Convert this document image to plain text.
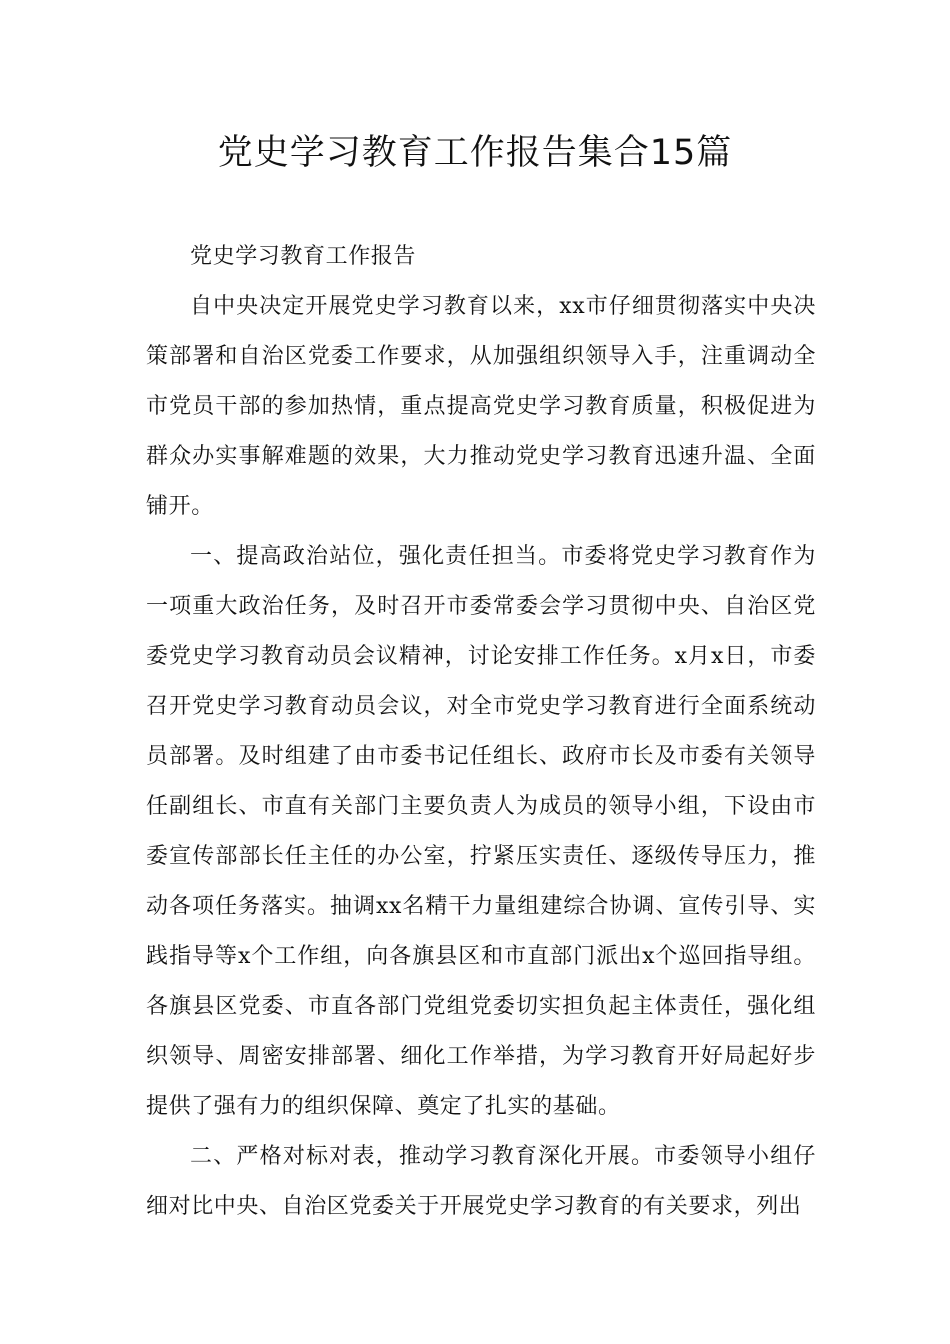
党史学习教育工作报告集合15篇

党史学习教育工作报告

自中央决定开展党史学习教育以来，xx市仔细贯彻落实中央决策部署和自治区党委工作要求，从加强组织领导入手，注重调动全市党员干部的参加热情，重点提高党史学习教育质量，积极促进为群众办实事解难题的效果，大力推动党史学习教育迅速升温、全面铺开。

一、提高政治站位，强化责任担当。市委将党史学习教育作为一项重大政治任务，及时召开市委常委会学习贯彻中央、自治区党委党史学习教育动员会议精神，讨论安排工作任务。x月x日，市委召开党史学习教育动员会议，对全市党史学习教育进行全面系统动员部署。及时组建了由市委书记任组长、政府市长及市委有关领导任副组长、市直有关部门主要负责人为成员的领导小组，下设由市委宣传部部长任主任的办公室，拧紧压实责任、逐级传导压力，推动各项任务落实。抽调xx名精干力量组建综合协调、宣传引导、实践指导等x个工作组，向各旗县区和市直部门派出x个巡回指导组。各旗县区党委、市直各部门党组党委切实担负起主体责任，强化组织领导、周密安排部署、细化工作举措，为学习教育开好局起好步提供了强有力的组织保障、奠定了扎实的基础。

二、严格对标对表，推动学习教育深化开展。市委领导小组仔细对比中央、自治区党委关于开展党史学习教育的有关要求，列出
